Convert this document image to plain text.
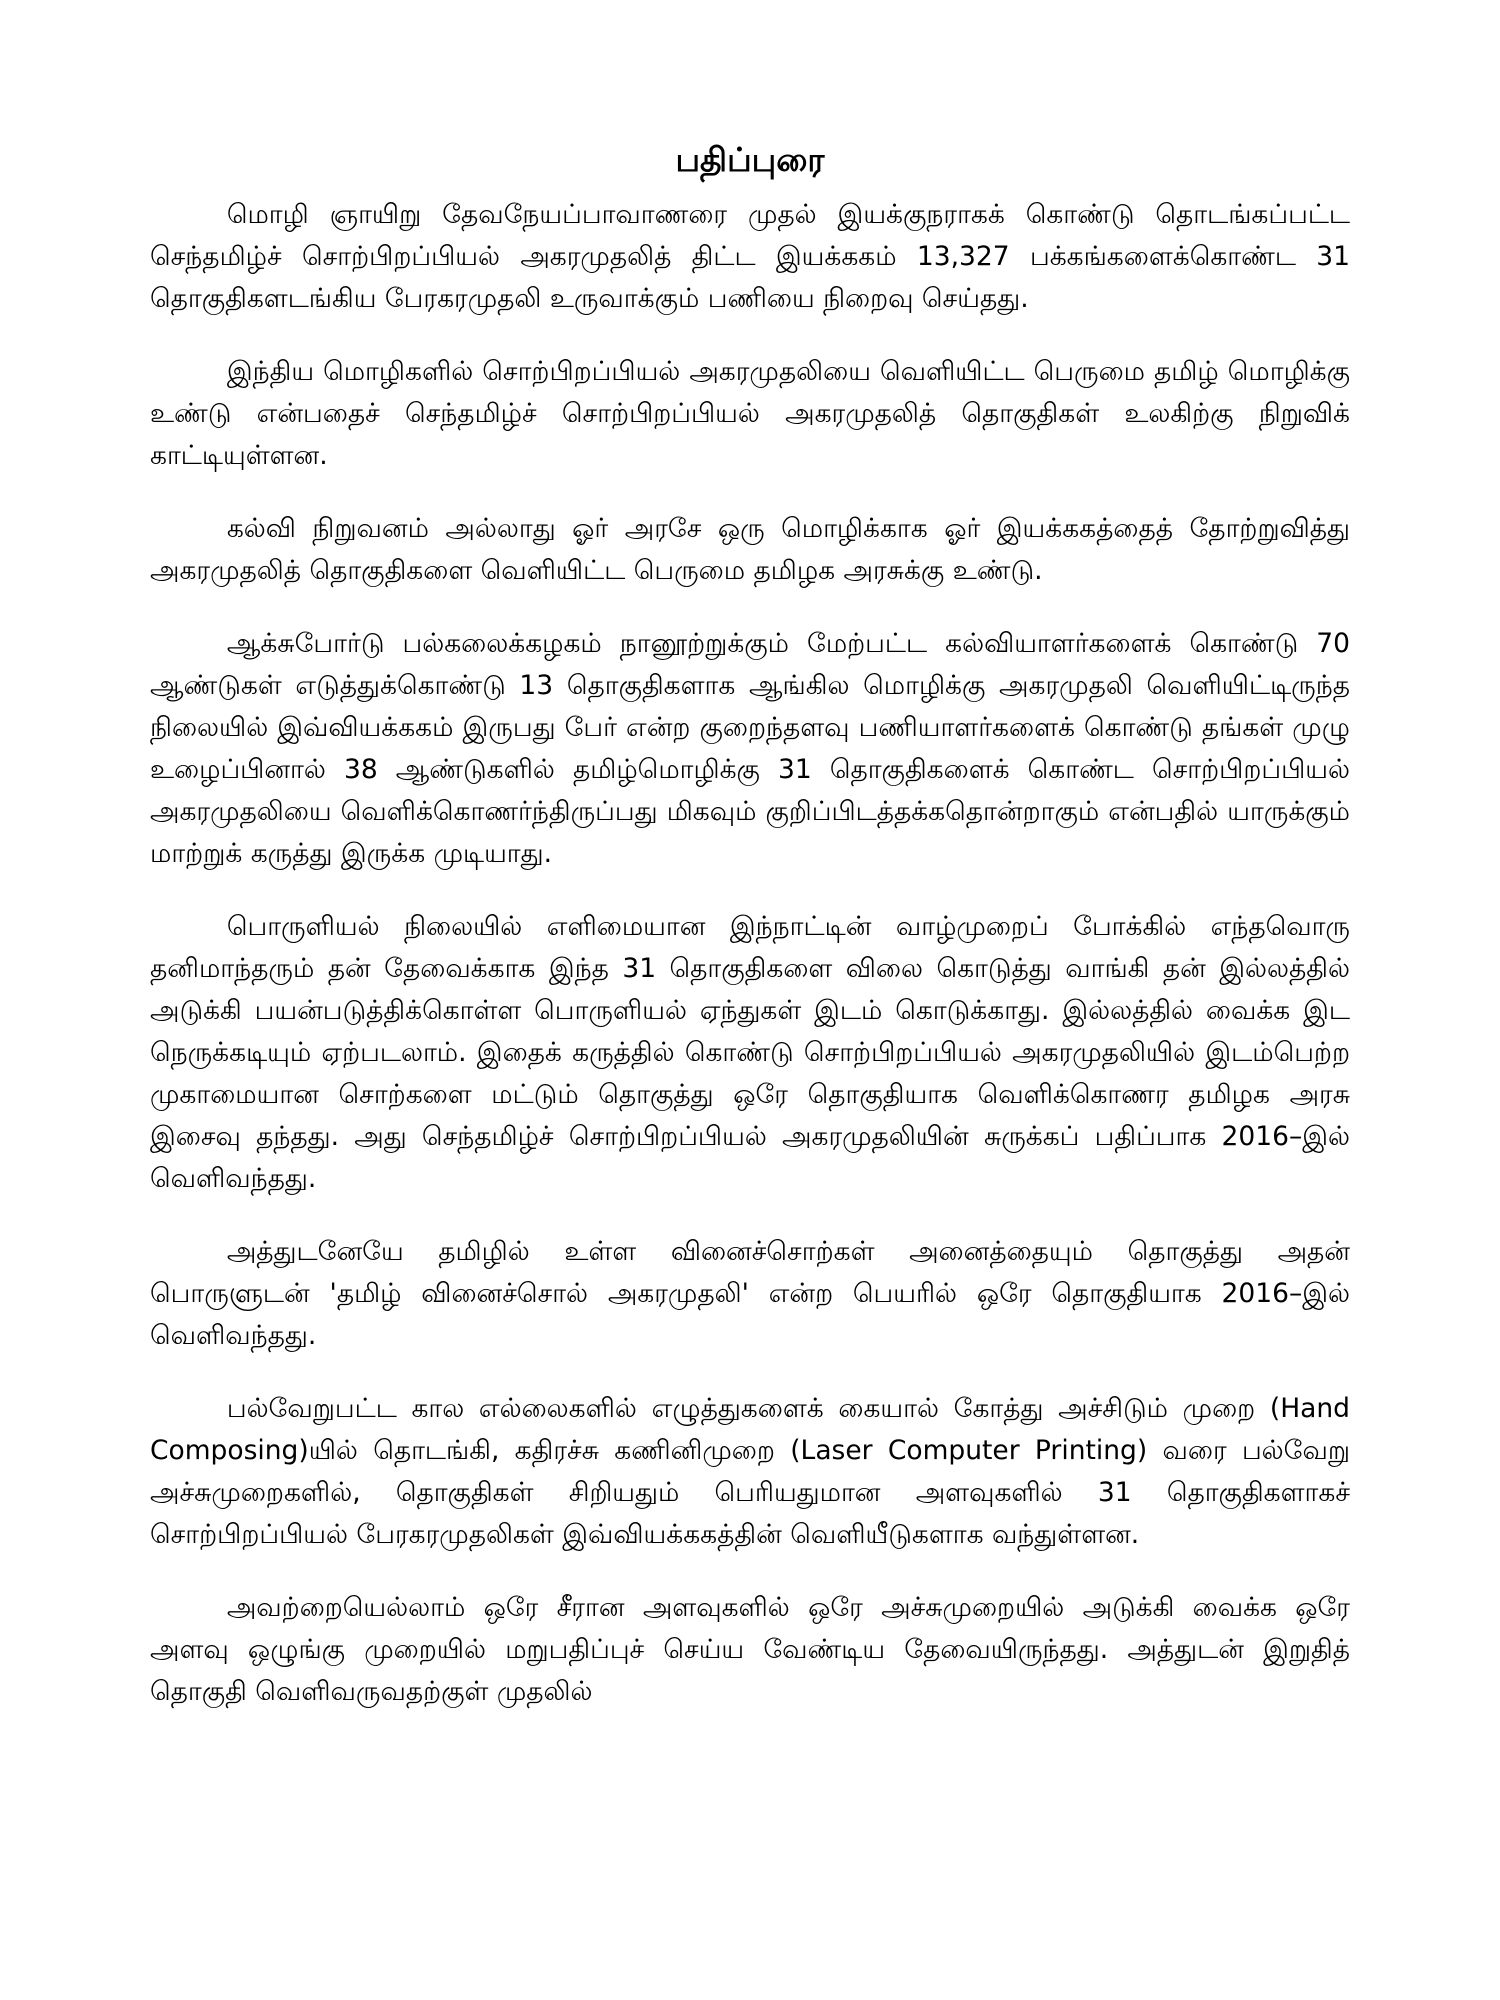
பதிப்புரை

மொழி ஞாயிறு தேவநேயப்பாவாணரை முதல் இயக்குநராகக் கொண்டு தொடங்கப்பட்ட செந்தமிழ்ச் சொற்பிறப்பியல் அகரமுதலித் திட்ட இயக்ககம் 13,327 பக்கங்களைக்கொண்ட 31 தொகுதிகளடங்கிய பேரகரமுதலி உருவாக்கும் பணியை நிறைவு செய்தது.

இந்திய மொழிகளில் சொற்பிறப்பியல் அகரமுதலியை வெளியிட்ட பெருமை தமிழ் மொழிக்கு உண்டு என்பதைச் செந்தமிழ்ச் சொற்பிறப்பியல் அகரமுதலித் தொகுதிகள் உலகிற்கு நிறுவிக் காட்டியுள்ளன.

கல்வி நிறுவனம் அல்லாது ஓர் அரசே ஒரு மொழிக்காக ஓர் இயக்ககத்தைத் தோற்றுவித்து அகரமுதலித் தொகுதிகளை வெளியிட்ட பெருமை தமிழக அரசுக்கு உண்டு.

ஆக்சுபோர்டு பல்கலைக்கழகம் நானூற்றுக்கும் மேற்பட்ட கல்வியாளர்களைக் கொண்டு 70 ஆண்டுகள் எடுத்துக்கொண்டு 13 தொகுதிகளாக ஆங்கில மொழிக்கு அகரமுதலி வெளியிட்டிருந்த நிலையில் இவ்வியக்ககம் இருபது பேர் என்ற குறைந்தளவு பணியாளர்களைக் கொண்டு தங்கள் முழு உழைப்பினால் 38 ஆண்டுகளில் தமிழ்மொழிக்கு 31 தொகுதிகளைக் கொண்ட சொற்பிறப்பியல் அகரமுதலியை வெளிக்கொணர்ந்திருப்பது மிகவும் குறிப்பிடத்தக்கதொன்றாகும் என்பதில் யாருக்கும் மாற்றுக் கருத்து இருக்க முடியாது.

பொருளியல் நிலையில் எளிமையான இந்நாட்டின் வாழ்முறைப் போக்கில் எந்தவொரு தனிமாந்தரும் தன் தேவைக்காக இந்த 31 தொகுதிகளை விலை கொடுத்து வாங்கி தன் இல்லத்தில் அடுக்கி பயன்படுத்திக்கொள்ள பொருளியல் ஏந்துகள் இடம் கொடுக்காது. இல்லத்தில் வைக்க இட நெருக்கடியும் ஏற்படலாம். இதைக் கருத்தில் கொண்டு சொற்பிறப்பியல் அகரமுதலியில் இடம்பெற்ற முகாமையான சொற்களை மட்டும் தொகுத்து ஒரே தொகுதியாக வெளிக்கொணர தமிழக அரசு இசைவு தந்தது. அது செந்தமிழ்ச் சொற்பிறப்பியல் அகரமுதலியின் சுருக்கப் பதிப்பாக 2016–இல் வெளிவந்தது.

அத்துடனேயே தமிழில் உள்ள வினைச்சொற்கள் அனைத்தையும் தொகுத்து அதன் பொருளுடன் 'தமிழ் வினைச்சொல் அகரமுதலி' என்ற பெயரில் ஒரே தொகுதியாக 2016–இல் வெளிவந்தது.

பல்வேறுபட்ட கால எல்லைகளில் எழுத்துகளைக் கையால் கோத்து அச்சிடும் முறை (Hand Composing)யில் தொடங்கி, கதிரச்சு கணினிமுறை (Laser Computer Printing) வரை பல்வேறு அச்சுமுறைகளில், தொகுதிகள் சிறியதும் பெரியதுமான அளவுகளில் 31 தொகுதிகளாகச் சொற்பிறப்பியல் பேரகரமுதலிகள் இவ்வியக்ககத்தின் வெளியீடுகளாக வந்துள்ளன.

அவற்றையெல்லாம் ஒரே சீரான அளவுகளில் ஒரே அச்சுமுறையில் அடுக்கி வைக்க ஒரே அளவு ஒழுங்கு முறையில் மறுபதிப்புச் செய்ய வேண்டிய தேவையிருந்தது. அத்துடன் இறுதித் தொகுதி வெளிவருவதற்குள் முதலில்
